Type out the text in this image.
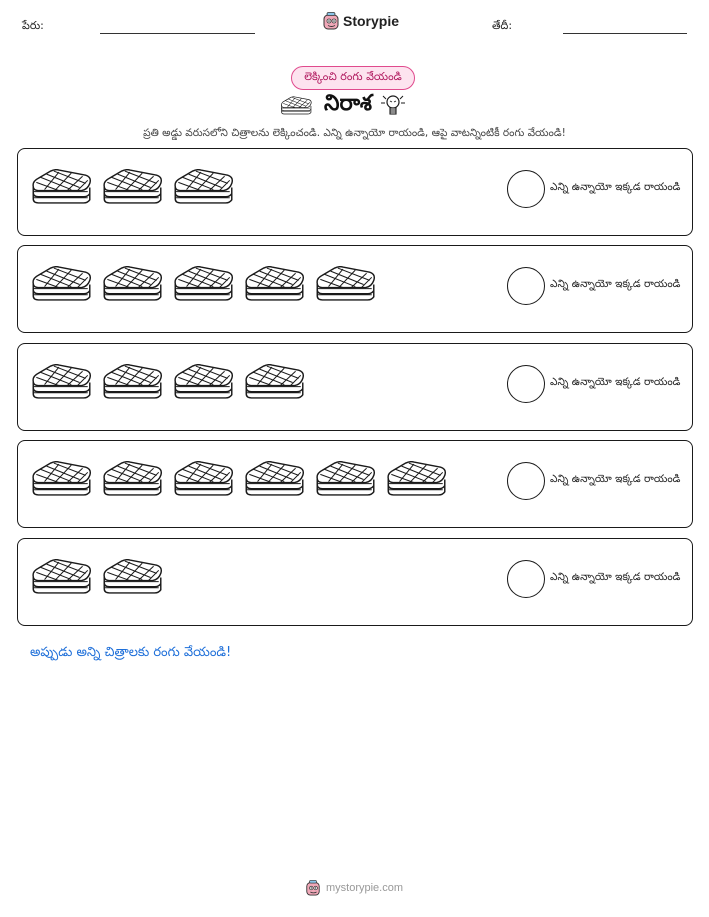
పేరు:	Storypie	తేదీ:
లెక్కించి రంగు వేయండి
నిరాశ
ప్రతి అడ్డు వరుసలోని చిత్రాలను లెక్కించండి. ఎన్ని ఉన్నాయో రాయండి, ఆపై వాటన్నింటికీ రంగు వేయండి!
ఎన్ని ఉన్నాయో ఇక్కడ రాయండి
ఎన్ని ఉన్నాయో ఇక్కడ రాయండి
ఎన్ని ఉన్నాయో ఇక్కడ రాయండి
ఎన్ని ఉన్నాయో ఇక్కడ రాయండి
ఎన్ని ఉన్నాయో ఇక్కడ రాయండి
అప్పుడు అన్ని చిత్రాలకు రంగు వేయండి!
mystorypie.com
